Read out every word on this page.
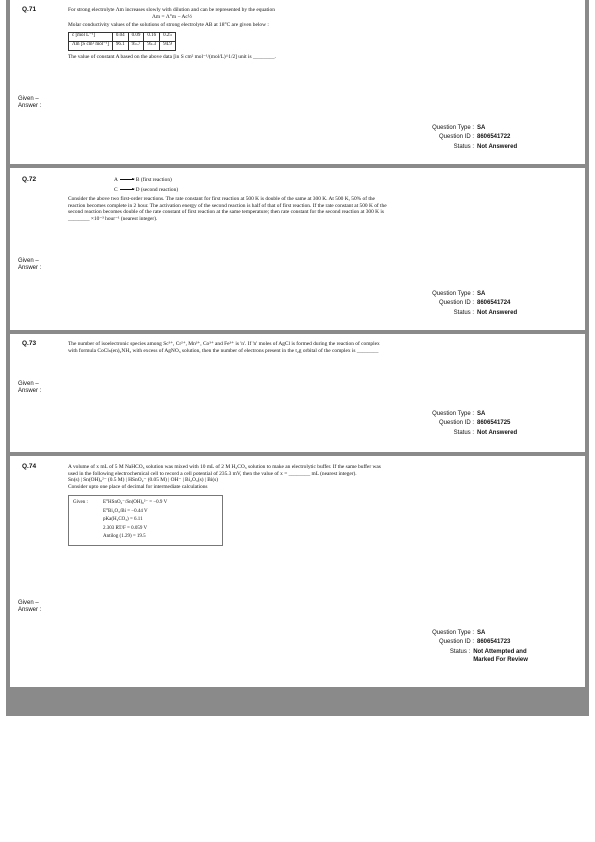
Q.71	For strong electrolyte Λm increases slowly with dilution and can be represented by the equation

Λm = Λ°m − Ac½

Molar conductivity values of the solutions of strong electrolyte AB at 18°C are given below :

c [mol L⁻¹]	0.04	0.09	0.16	0.25
Λm [S cm² mol⁻¹]	96.1	95.7	95.3	94.9

The value of constant A based on the above data [in S cm² mol⁻¹/(mol/L)^1/2] unit is ________.

Given –
Answer :
Question Type : SA
Question ID : 8606541722
Status : Not Answered
Q.72	A → B (first reaction)

C → D (second reaction)

Consider the above two first-order reactions. The rate constant for first reaction at 500 K is double of the same at 300 K. At 500 K, 50% of the reaction becomes complete in 2 hour. The activation energy of the second reaction is half of that of first reaction. If the rate constant at 500 K of the second reaction becomes double of the rate constant of first reaction at the same temperature; then rate constant for the second reaction at 300 K is ________ ×10⁻³ hour⁻¹ (nearest integer).

Given –
Answer :
Question Type : SA
Question ID : 8606541724
Status : Not Answered
Q.73	The number of isoelectronic species among Sc³⁺, Cr²⁺, Mn³⁺, Co³⁺ and Fe³⁺ is 'n'. If 'n' moles of AgCl is formed during the reaction of complex with formula CoClₙ(en)₂NH₃ with excess of AgNO₃ solution, then the number of electrons present in the t₂g orbital of the complex is ________

Given –
Answer :
Question Type : SA
Question ID : 8606541725
Status : Not Answered
Q.74	A volume of x mL of 5 M NaHCO₃ solution was mixed with 10 mL of 2 M H₂CO₃ solution to make an electrolytic buffer. If the same buffer was used in the following electrochemical cell to record a cell potential of 235.3 mV, then the value of x = ________ mL (nearest integer).

Sn(s) | Sn(OH)₆²⁻ (0.5 M) | HSnO₂⁻ (0.05 M) | OH⁻ | Bi₂O₃(s) | Bi(s)

Consider upto one place of decimal for intermediate calculations

Given :	E°HSnO₂⁻/Sn(OH)₆²⁻ = −0.9 V
E°Bi₂O₃/Bi = −0.44 V
pKa(H₂CO₃) = 6.11
2.303 RT/F = 0.059 V
Antilog (1.29) = 19.5
Given –
Answer :
Question Type : SA
Question ID : 8606541723
Status : Not Attempted and Marked For Review
